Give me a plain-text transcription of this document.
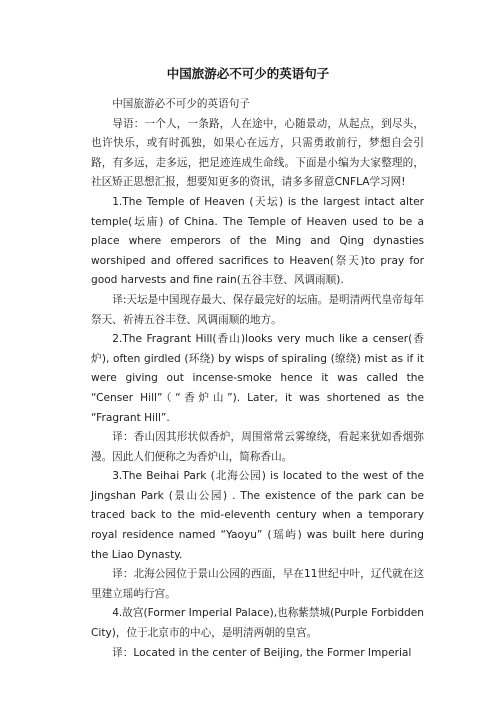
中国旅游必不可少的英语句子

中国旅游必不可少的英语句子

导语：一个人，一条路，人在途中，心随景动，从起点，到尽头，也许快乐，或有时孤独，如果心在远方，只需勇敢前行，梦想自会引路，有多远，走多远，把足迹连成生命线。下面是小编为大家整理的，社区矫正思想汇报，想要知更多的资讯，请多多留意CNFLA学习网!

1.The Temple of Heaven (天坛) is the largest intact alter temple(坛庙) of China. The Temple of Heaven used to be a place where emperors of the Ming and Qing dynasties worshiped and offered sacrifices to Heaven(祭天)to pray for good harvests and fine rain(五谷丰登、风调雨顺).

译:天坛是中国现存最大、保存最完好的坛庙。是明清两代皇帝每年祭天、祈祷五谷丰登、风调雨顺的地方。

2.The Fragrant Hill(香山)looks very much like a censer(香炉), often girdled (环绕) by wisps of spiraling (缭绕) mist as if it were giving out incense-smoke hence it was called the “Censer Hill”（“香炉山”). Later, it was shortened as the “Fragrant Hill”.

译：香山因其形状似香炉，周围常常云雾缭绕，看起来犹如香烟弥漫。因此人们便称之为香炉山，简称香山。

3.The Beihai Park (北海公园) is located to the west of the Jingshan Park (景山公园) . The existence of the park can be traced back to the mid-eleventh century when a temporary royal residence named “Yaoyu” (瑶屿) was built here during the Liao Dynasty.

译：北海公园位于景山公园的西面，早在11世纪中叶，辽代就在这里建立瑶屿行宫。

4.故宫(Former Imperial Palace),也称紫禁城(Purple Forbidden City)，位于北京市的中心，是明清两朝的皇宫。

译：Located in the center of Beijing, the Former Imperial
